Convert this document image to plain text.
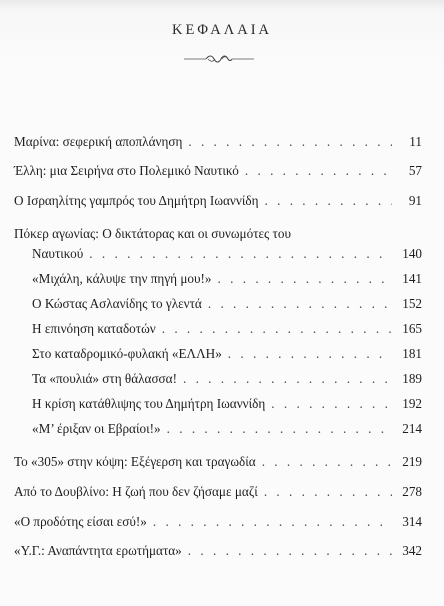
ΚΕΦΑΛΑΙΑ
Μαρίνα: σεφερική αποπλάνηση . . .	11
Έλλη: μια Σειρήνα στο Πολεμικό Ναυτικό . . .	57
Ο Ισραηλίτης γαμπρός του Δημήτρη Ιωαννίδη . . .	91
Πόκερ αγωνίας: Ο δικτάτορας και οι συνωμότες του
Ναυτικού . . .	140
«Μιχάλη, κάλυψε την πηγή μου!» . . .	141
Ο Κώστας Ασλανίδης το γλεντά . . .	152
Η επινόηση καταδοτών . . .	165
Στο καταδρομικό-φυλακή «ΕΛΛΗ» . . .	181
Τα «πουλιά» στη θάλασσα! . . .	189
Η κρίση κατάθλιψης του Δημήτρη Ιωαννίδη . . .	192
«Μ’ έριξαν οι Εβραίοι!» . . .	214
Το «305» στην κόψη: Εξέγερση και τραγωδία . . .	219
Από το Δουβλίνο: Η ζωή που δεν ζήσαμε μαζί . . .	278
«Ο προδότης είσαι εσύ!» . . .	314
«Υ.Γ.: Αναπάντητα ερωτήματα» . . .	342
